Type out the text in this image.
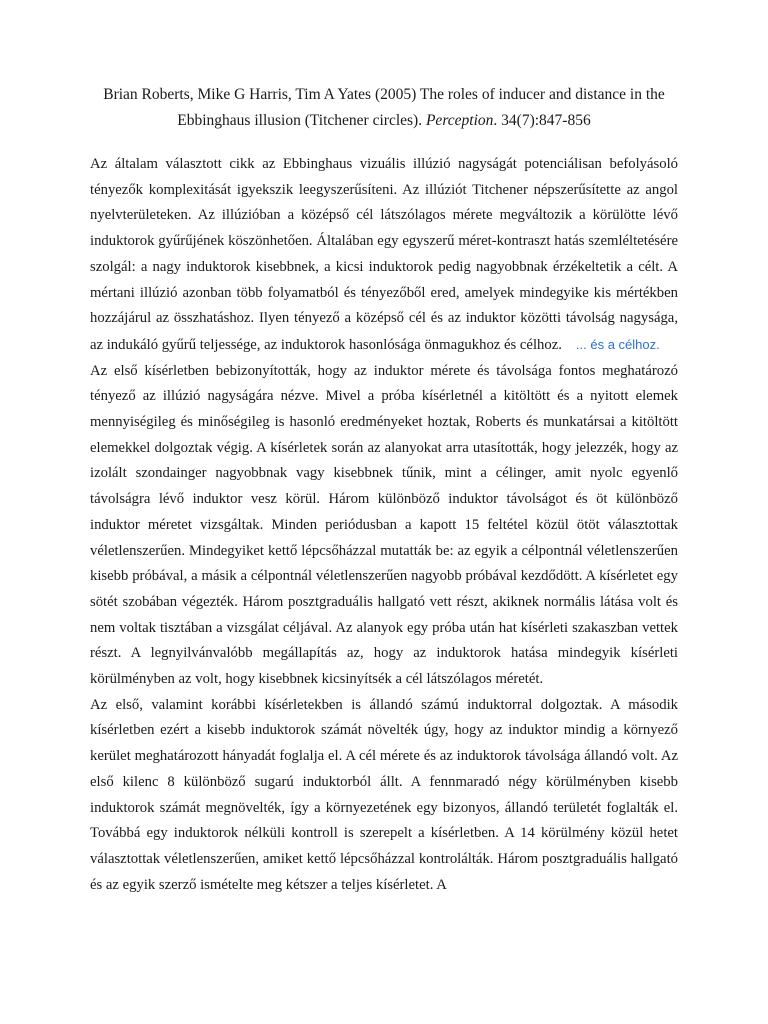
Brian Roberts, Mike G Harris, Tim A Yates (2005) The roles of inducer and distance in the Ebbinghaus illusion (Titchener circles). Perception. 34(7):847-856

Az általam választott cikk az Ebbinghaus vizuális illúzió nagyságát potenciálisan befolyásoló tényezők komplexitását igyekszik leegyszerűsíteni. Az illúziót Titchener népszerűsítette az angol nyelvterületeken. Az illúzióban a középső cél látszólagos mérete megváltozik a körülötte lévő induktorok gyűrűjének köszönhetően. Általában egy egyszerű méret-kontraszt hatás szemléltetésére szolgál: a nagy induktorok kisebbnek, a kicsi induktorok pedig nagyobbnak érzékeltetik a célt. A mértani illúzió azonban több folyamatból és tényezőből ered, amelyek mindegyike kis mértékben hozzájárul az összhatáshoz. Ilyen tényező a középső cél és az induktor közötti távolság nagysága, az indukáló gyűrű teljessége, az induktorok hasonlósága önmagukhoz és célhoz. ... és a célhoz.

Az első kísérletben bebizonyították, hogy az induktor mérete és távolsága fontos meghatározó tényező az illúzió nagyságára nézve. Mivel a próba kísérletnél a kitöltött és a nyitott elemek mennyiségileg és minőségileg is hasonló eredményeket hoztak, Roberts és munkatársai a kitöltött elemekkel dolgoztak végig. A kísérletek során az alanyokat arra utasították, hogy jelezzék, hogy az izolált szondainger nagyobbnak vagy kisebbnek tűnik, mint a célinger, amit nyolc egyenlő távolságra lévő induktor vesz körül. Három különböző induktor távolságot és öt különböző induktor méretet vizsgáltak. Minden periódusban a kapott 15 feltétel közül ötöt választottak véletlenszerűen. Mindegyiket kettő lépcsőházzal mutatták be: az egyik a célpontnál véletlenszerűen kisebb próbával, a másik a célpontnál véletlenszerűen nagyobb próbával kezdődött. A kísérletet egy sötét szobában végezték. Három posztgraduális hallgató vett részt, akiknek normális látása volt és nem voltak tisztában a vizsgálat céljával. Az alanyok egy próba után hat kísérleti szakaszban vettek részt. A legnyilvánvalóbb megállapítás az, hogy az induktorok hatása mindegyik kísérleti körülményben az volt, hogy kisebbnek kicsinyítsék a cél látszólagos méretét.

Az első, valamint korábbi kísérletekben is állandó számú induktorral dolgoztak. A második kísérletben ezért a kisebb induktorok számát növelték úgy, hogy az induktor mindig a környező kerület meghatározott hányadát foglalja el. A cél mérete és az induktorok távolsága állandó volt. Az első kilenc 8 különböző sugarú induktorból állt. A fennmaradó négy körülményben kisebb induktorok számát megnövelték, így a környezetének egy bizonyos, állandó területét foglalták el. Továbbá egy induktorok nélküli kontroll is szerepelt a kísérletben. A 14 körülmény közül hetet választottak véletlenszerűen, amiket kettő lépcsőházzal kontrolálták. Három posztgraduális hallgató és az egyik szerző ismételte meg kétszer a teljes kísérletet. A
